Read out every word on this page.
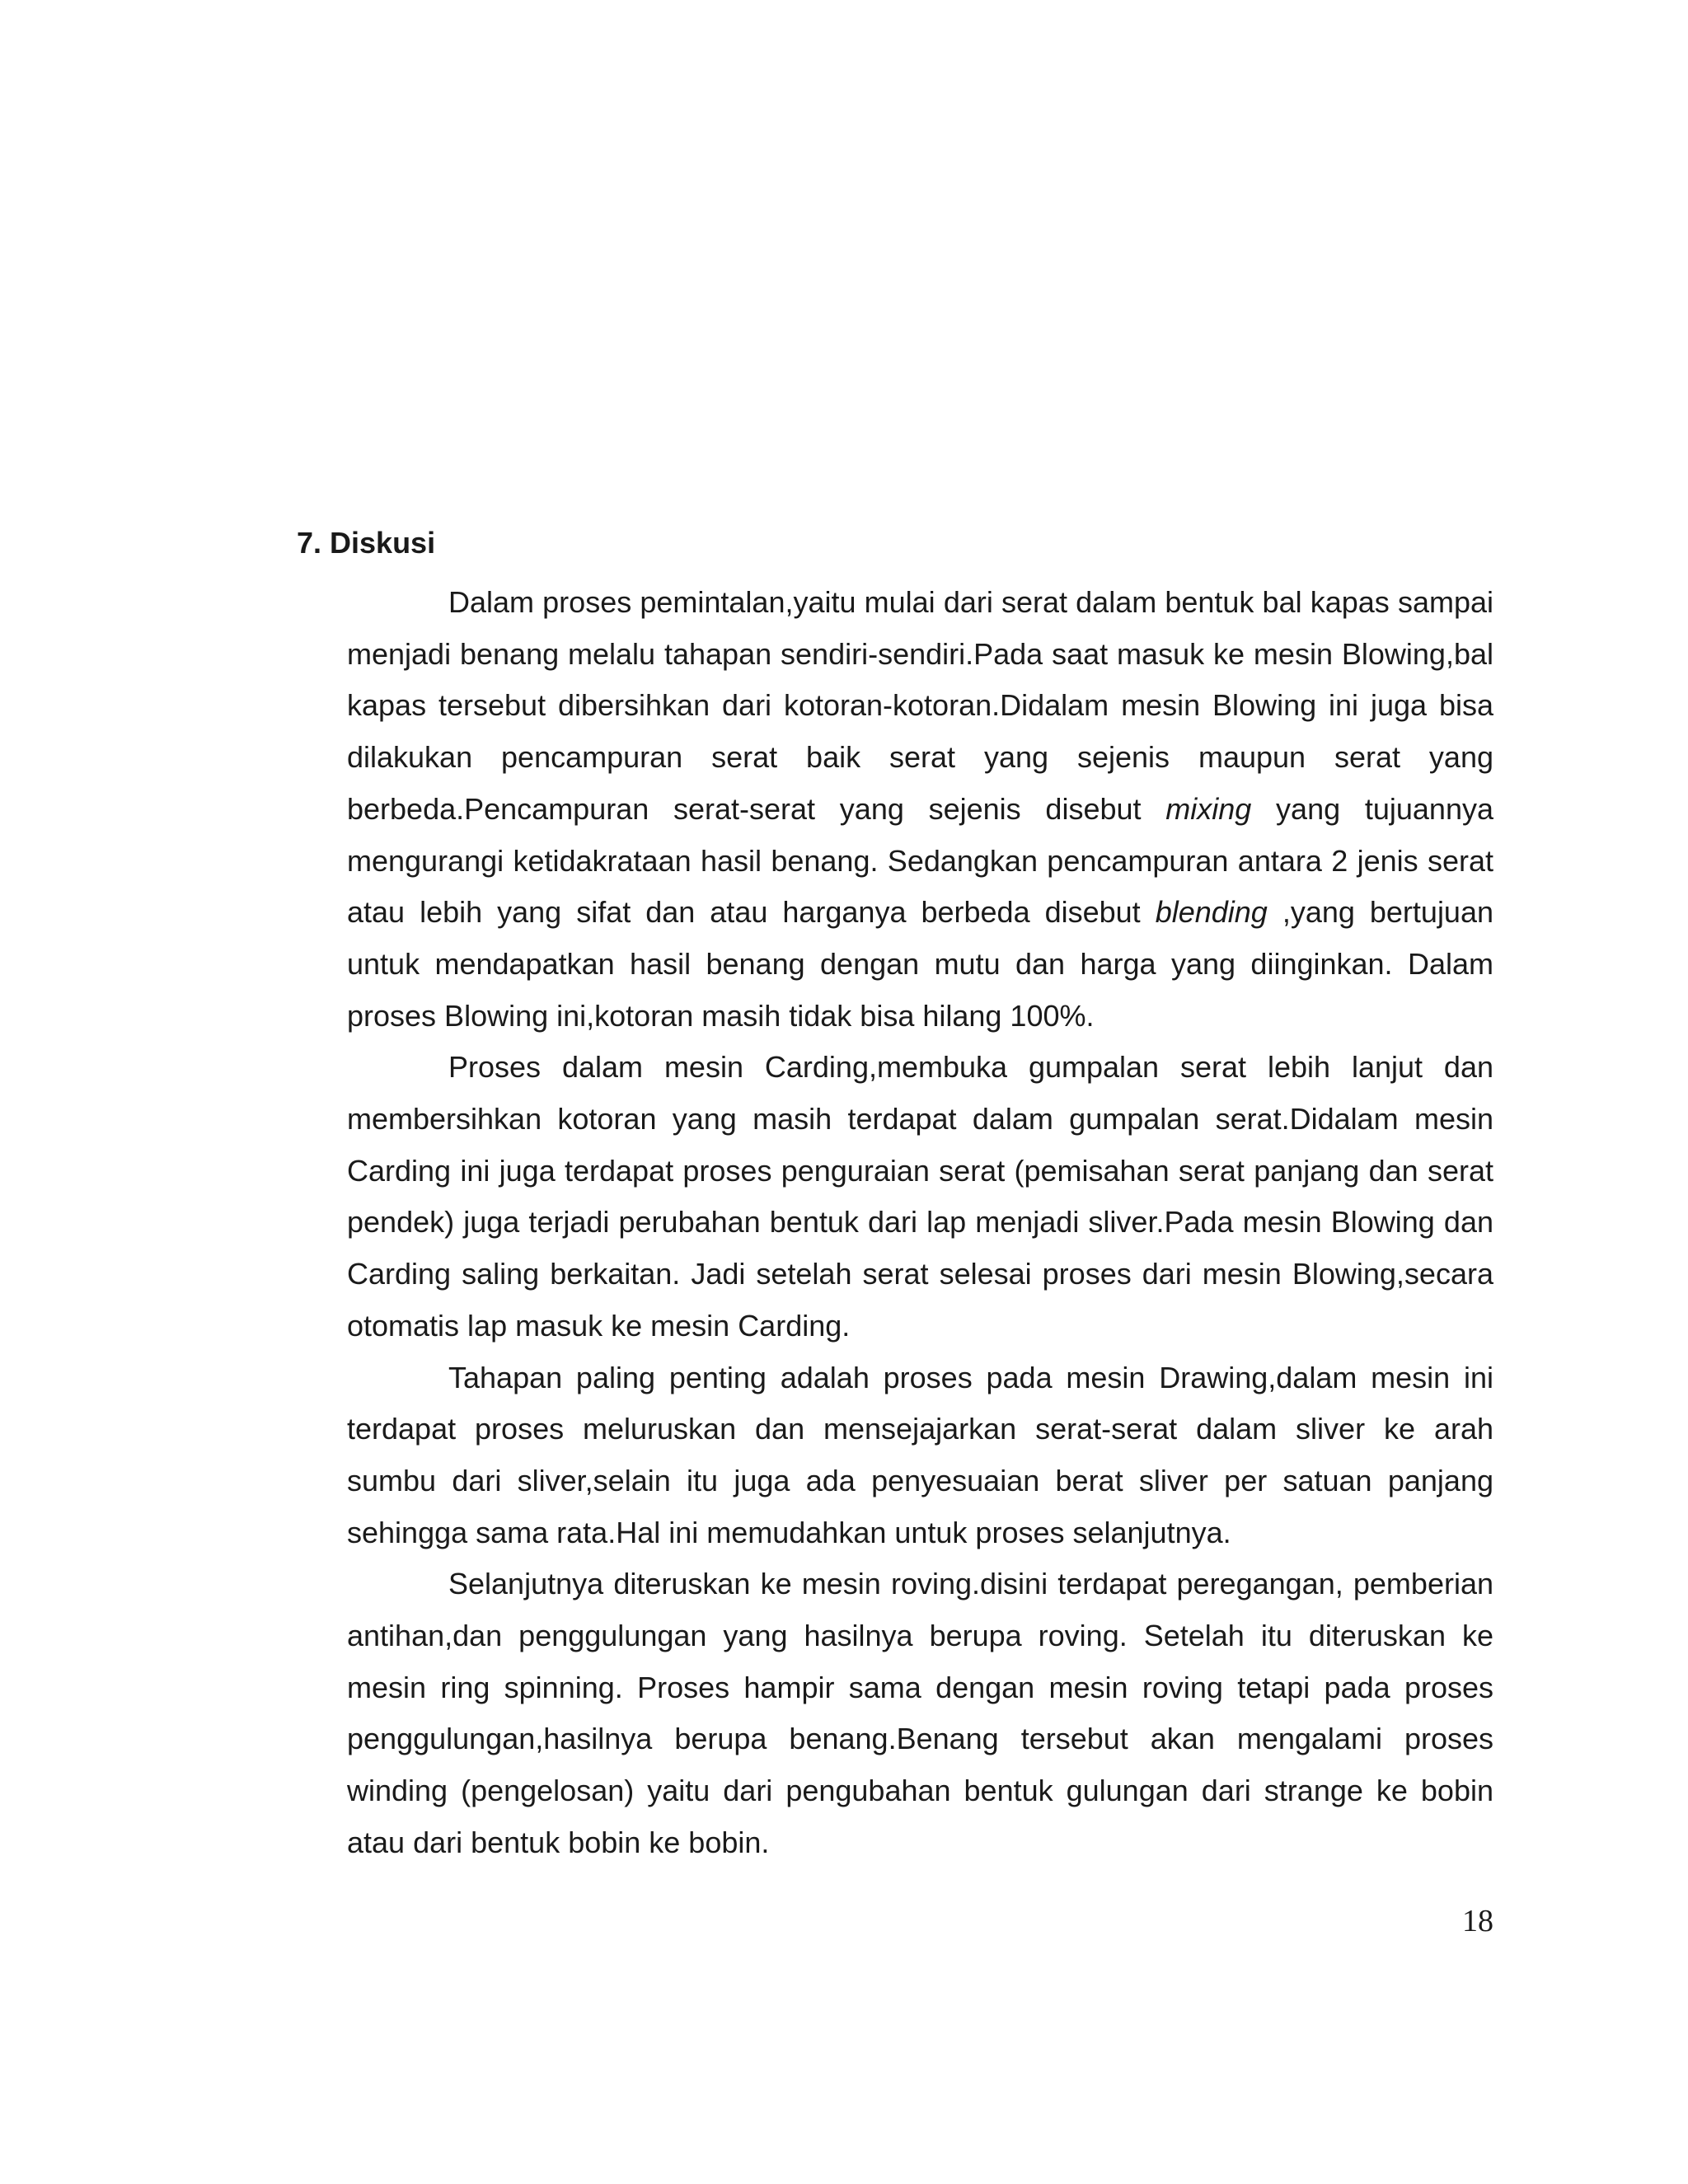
7. Diskusi

Dalam proses pemintalan,yaitu mulai dari serat dalam bentuk bal kapas sampai menjadi benang melalu tahapan sendiri-sendiri.Pada saat masuk ke mesin Blowing,bal kapas tersebut dibersihkan dari kotoran-kotoran.Didalam mesin Blowing ini juga bisa dilakukan pencampuran serat baik serat yang sejenis maupun serat yang berbeda.Pencampuran serat-serat yang sejenis disebut mixing yang tujuannya mengurangi ketidakrataan hasil benang. Sedangkan pencampuran antara 2 jenis serat atau lebih yang sifat dan atau harganya berbeda disebut blending ,yang bertujuan untuk mendapatkan hasil benang dengan mutu dan harga yang diinginkan. Dalam proses Blowing ini,kotoran masih tidak bisa hilang 100%.

Proses dalam mesin Carding,membuka gumpalan serat lebih lanjut dan membersihkan kotoran yang masih terdapat dalam gumpalan serat.Didalam mesin Carding ini juga terdapat proses penguraian serat (pemisahan serat panjang dan serat pendek) juga terjadi perubahan bentuk dari lap menjadi sliver.Pada mesin Blowing dan Carding saling berkaitan. Jadi setelah serat selesai proses dari mesin Blowing,secara otomatis lap masuk ke mesin Carding.

Tahapan paling penting adalah proses pada mesin Drawing,dalam mesin ini terdapat proses meluruskan dan mensejajarkan serat-serat dalam sliver ke arah sumbu dari sliver,selain itu juga ada penyesuaian berat sliver per satuan panjang sehingga sama rata.Hal ini memudahkan untuk proses selanjutnya.

Selanjutnya diteruskan ke mesin roving.disini terdapat peregangan, pemberian antihan,dan penggulungan yang hasilnya berupa roving. Setelah itu diteruskan ke mesin ring spinning. Proses hampir sama dengan mesin roving tetapi pada proses penggulungan,hasilnya berupa benang.Benang tersebut akan mengalami proses winding (pengelosan) yaitu dari pengubahan bentuk gulungan dari strange ke bobin atau dari bentuk bobin ke bobin.

18
